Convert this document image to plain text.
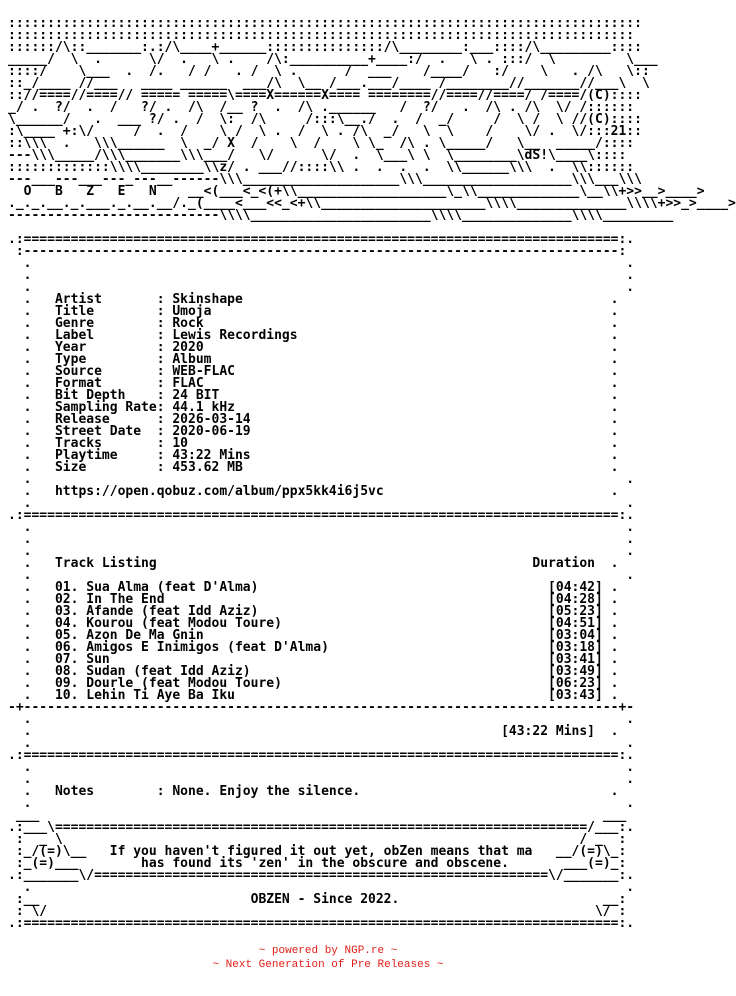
:::::::::::::::::::::::::::::::::::::::::::::::::::::::::::::::::::::::::::::::::
::::::::::::::::::::::::::::::::::::::::::::::::::::::::::::::::::::::::::::::::
::::::/\::_______:.:/\____+______:::::::::::::::/\________:___::::/\_________::::
_____/  \  .      \/  .   \ .    /\:__________+____:/  .   \ . :::/  \         \___
::::/    \___  .  /.   / /   . /  \ .      /  ___    /____/   :/    \   . /\   \::
::_/____ //___   ____ ______  ___/\  \__ /___.___/____ /________//_______//___\  \
:://====//====// ===== =====\====X======X==== ========//====//====/ /====/(C)::::
_/ .  ?/  .  /   ?/ .  /\  /__ ?  .  /\ .______   /  ?/   .  /\ . /\  \/ /::::::
\______/   .  ___ ?/ .  /  \:  /\     /:::\__./  .  /  _/     /  \ /  \ //(C)::::
:\____ +:\/     /  .  /    \ /  \ .  /  \ . /\  _/   \  \    /    \/ .  \/:::21::
::\\\  .   \\\______  \  _/ X  /    \  /    \ \_  /\ . \_____/   \__  _____/::::
---\\\_____/\\\_______\\\___/   \/      \/  .  \___\ \  \________\dS!\____\::::
:::::::::::::\\\\________\\z/ . ___//::::\\ .  .  .  .  \\______\\\  .  \\::::::
---___---___---_---__------\\\____________________\\\___________________\\\___\\\
O   B   Z   E   N    __<(___<_<(+\\___________________\_\\_____________\__\\+>>__>____>
._._.__._.___._.__.__/._(____<___<<_<+\\_____________________\\\\______________\\\\+>>_>____>
---------------------------\\\\_______________________\\\\______________\\\\_________

.:============================================================================:.
:----------------------------------------------------------------------------:
.                                                                            .
.                                                                            .
.                                                                            .
.   Artist       : Skinshape                                               .
.   Title        : Umoja                                                   .
.   Genre        : Rock                                                    .
.   Label        : Lewis Recordings                                        .
.   Year         : 2020                                                    .
.   Type         : Album                                                   .
.   Source       : WEB-FLAC                                                .
.   Format       : FLAC                                                    .
.   Bit Depth    : 24 BIT                                                  .
.   Sampling Rate: 44.1 kHz                                                .
.   Release      : 2026-03-14                                              .
.   Street Date  : 2020-06-19                                              .
.   Tracks       : 10                                                      .
.   Playtime     : 43:22 Mins                                              .
.   Size         : 453.62 MB                                               .
.                                                                            .
.   https://open.qobuz.com/album/ppx5kk4i6j5vc                             .
.                                                                            .
.:============================================================================:.
.                                                                            .
.                                                                            .
.                                                                            .
.   Track Listing                                                Duration  .
.                                                                            .
.   01. Sua Alma (feat D'Alma)                                     [04:42] .
.   02. In The End                                                 [04:28] .
.   03. Afande (feat Idd Aziz)                                     [05:23] .
.   04. Kourou (feat Modou Toure)                                  [04:51] .
.   05. Azon De Ma Gnin                                            [03:04] .
.   06. Amigos E Inimigos (feat D'Alma)                            [03:18] .
.   07. Sun                                                        [03:41] .
.   08. Sudan (feat Idd Aziz)                                      [03:49] .
.   09. Dourle (feat Modou Toure)                                  [06:23] .
.   10. Lehin Ti Aye Ba Iku                                        [03:43] .
-+----------------------------------------------------------------------------+-
.                                                                            .
.                                                            [43:22 Mins]  .
.                                                                            .
.:============================================================================:.
.                                                                            .
.                                                                            .
.   Notes        : None. Enjoy the silence.                                .
.                                                                            .
___                                                                        ___
.:___\====================================================================/___:.
:  _ \                                                                  / _  :
:_/(=)\__   If you haven't figured it out yet, obZen means that ma   __/(=)\_:
:_(=)___        has found its 'zen' in the obscure and obscene.       ___(=)_:
.:_______\/==========================================================\/_______:.
.                                                                            .
:__                           OBZEN - Since 2022.                          __:
: \/                                                                      \/ :
.:============================================================================:.
~ powered by NGP.re ~
~ Next Generation of Pre Releases ~
